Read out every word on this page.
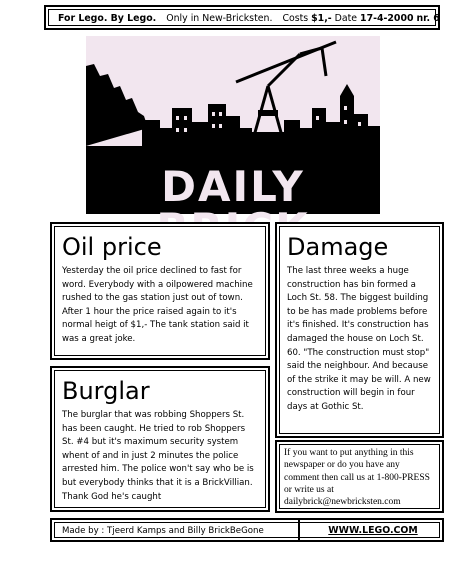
For Lego. By Lego. Only in New-Bricksten. Costs $1,- Date 17-4-2000 nr. 6
DAILY
Oil price

Yesterday the oil price declined to fast for word. Everybody with a oilpowered machine rushed to the gas station just out of town. After 1 hour the price raised again to it's normal heigt of $1,- The tank station said it was a great joke.

Damage

The last three weeks a huge construction has bin formed a Loch St. 58. The biggest building to be has made problems before it's finished. It's construction has damaged the house on Loch St. 60. "The construction must stop" said the neighbour. And because of the strike it may be will. A new construction will begin in four days at Gothic St.

Burglar

The burglar that was robbing Shoppers St. has been caught. He tried to rob Shoppers St. #4 but it's maximum security system whent of and in just 2 minutes the police arrested him. The police won't say who be is but everybody thinks that it is a BrickVillian. Thank God he's caught

If you want to put anything in this newspaper or do you have any comment then call us at 1-800-PRESS or write us at dailybrick@newbricksten.com

Made by : Tjeerd Kamps and Billy BrickBeGone	WWW.LEGO.COM
